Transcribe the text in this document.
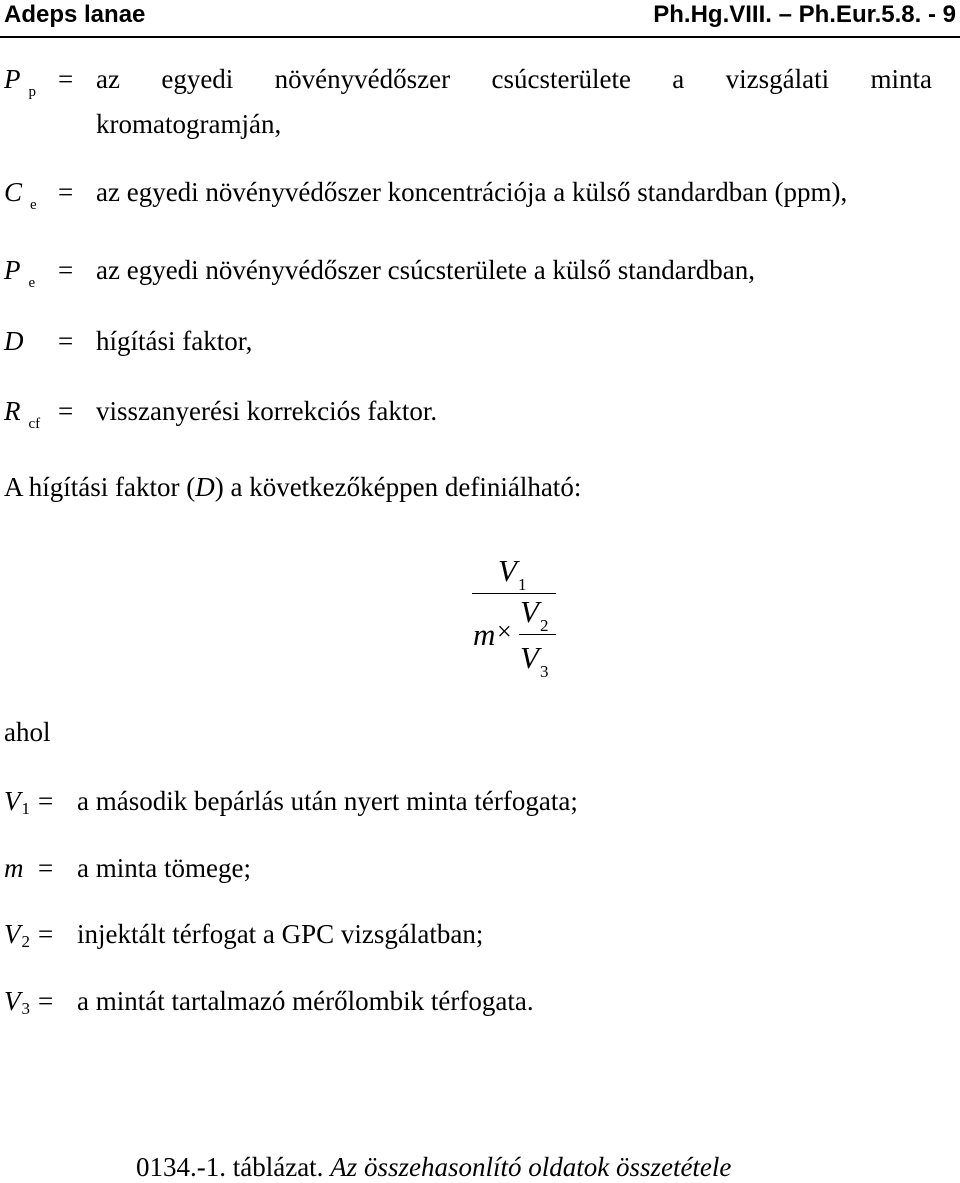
Adeps lanae	Ph.Hg.VIII. – Ph.Eur.5.8. - 9
P $_p$ = az egyedi növényvédőszer csúcsterülete a vizsgálati minta
kromatogramján,
C $_e$ = az egyedi növényvédőszer koncentrációja a külső standardban (ppm),
P $_e$ = az egyedi növényvédőszer csúcsterülete a külső standardban,
D = hígítási faktor,
R $_{cf}$ = visszanyerési korrekciós faktor.
A hígítási faktor (D) a következőképpen definiálható:
V 1
m ×
V 2
V 3
ahol
V1 = a második bepárlás után nyert minta térfogata;
m = a minta tömege;
V2 = injektált térfogat a GPC vizsgálatban;
V3 = a mintát tartalmazó mérőlombik térfogata.
0134.-1. táblázat. Az összehasonlító oldatok összetétele
